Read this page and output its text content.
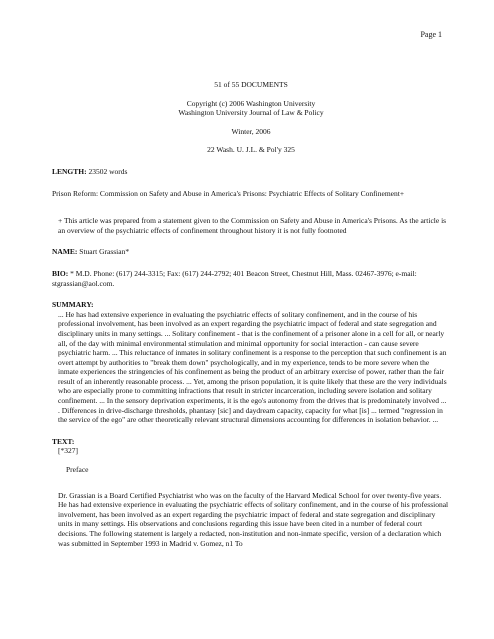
Page 1

51 of 55 DOCUMENTS

Copyright (c) 2006 Washington University

Washington University Journal of Law & Policy

Winter, 2006

22 Wash. U. J.L. & Pol'y 325

LENGTH: 23502 words

Prison Reform: Commission on Safety and Abuse in America's Prisons: Psychiatric Effects of Solitary Confinement+

+ This article was prepared from a statement given to the Commission on Safety and Abuse in America's Prisons. As the article is an overview of the psychiatric effects of confinement throughout history it is not fully footnoted

NAME: Stuart Grassian*

BIO: * M.D. Phone: (617) 244-3315; Fax: (617) 244-2792; 401 Beacon Street, Chestnut Hill, Mass. 02467-3976; e-mail: stgrassian@aol.com.

SUMMARY:

... He has had extensive experience in evaluating the psychiatric effects of solitary confinement, and in the course of his professional involvement, has been involved as an expert regarding the psychiatric impact of federal and state segregation and disciplinary units in many settings. ... Solitary confinement - that is the confinement of a prisoner alone in a cell for all, or nearly all, of the day with minimal environmental stimulation and minimal opportunity for social interaction - can cause severe psychiatric harm. ... This reluctance of inmates in solitary confinement is a response to the perception that such confinement is an overt attempt by authorities to "break them down" psychologically, and in my experience, tends to be more severe when the inmate experiences the stringencies of his confinement as being the product of an arbitrary exercise of power, rather than the fair result of an inherently reasonable process. ... Yet, among the prison population, it is quite likely that these are the very individuals who are especially prone to committing infractions that result in stricter incarceration, including severe isolation and solitary confinement. ... In the sensory deprivation experiments, it is the ego's autonomy from the drives that is predominately involved ... . Differences in drive-discharge thresholds, phantasy [sic] and daydream capacity, capacity for what [is] ... termed "regression in the service of the ego" are other theoretically relevant structural dimensions accounting for differences in isolation behavior. ...

TEXT:

[*327]

Preface

Dr. Grassian is a Board Certified Psychiatrist who was on the faculty of the Harvard Medical School for over twenty-five years. He has had extensive experience in evaluating the psychiatric effects of solitary confinement, and in the course of his professional involvement, has been involved as an expert regarding the psychiatric impact of federal and state segregation and disciplinary units in many settings. His observations and conclusions regarding this issue have been cited in a number of federal court decisions. The following statement is largely a redacted, non-institution and non-inmate specific, version of a declaration which was submitted in September 1993 in Madrid v. Gomez, n1 To
